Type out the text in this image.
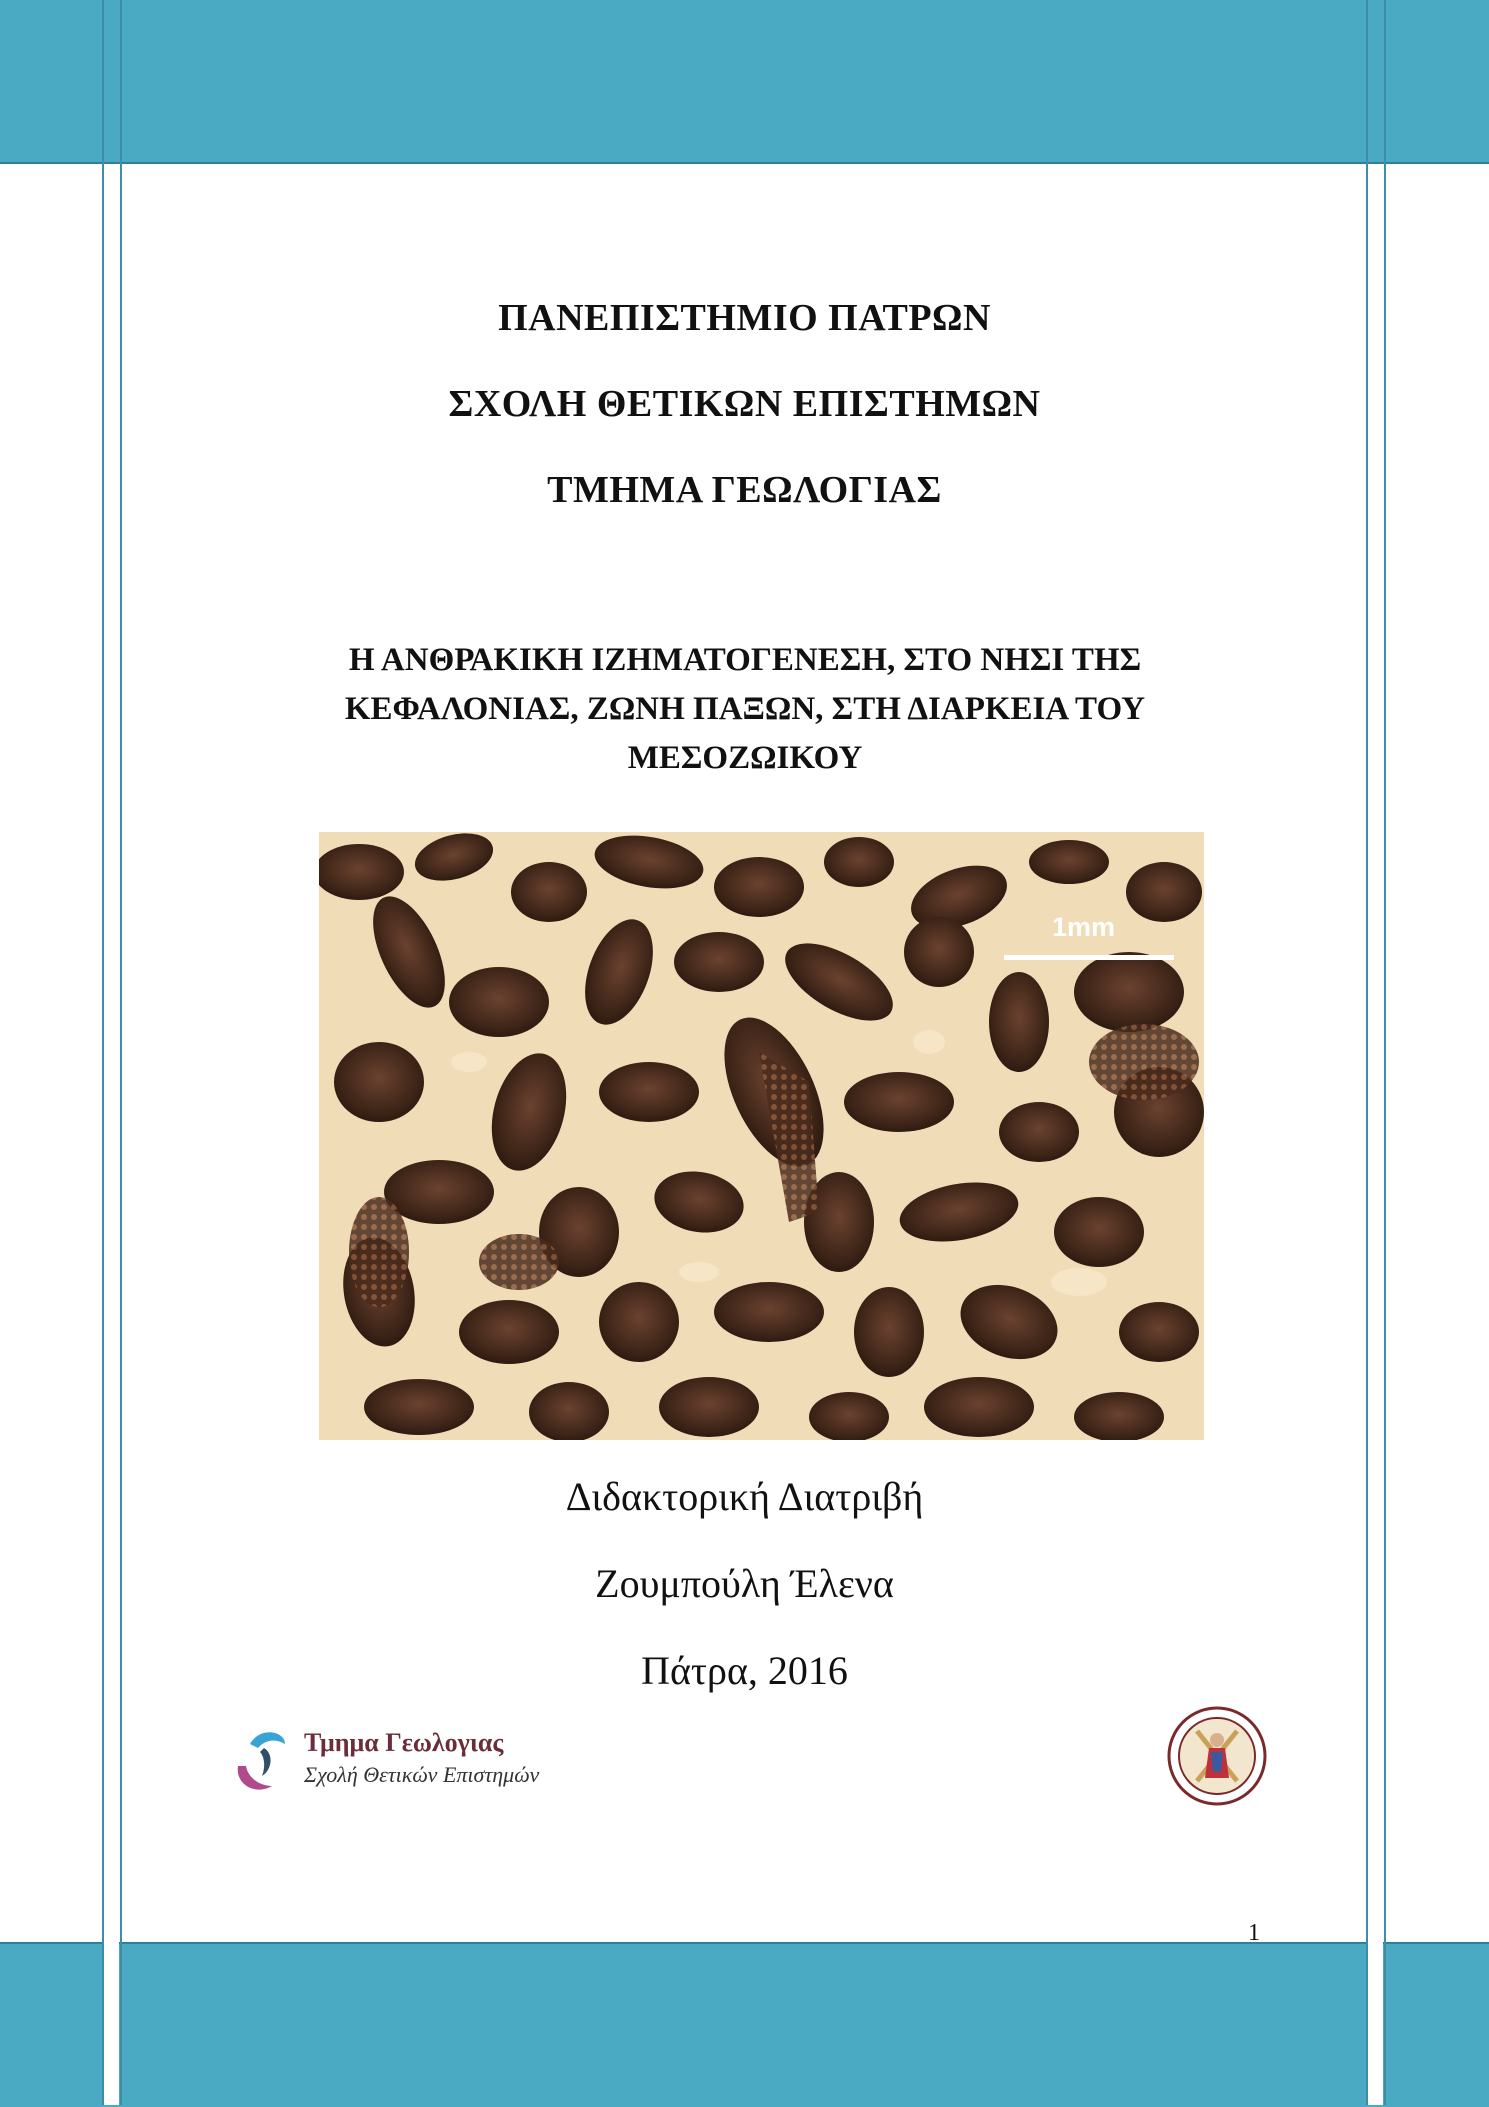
ΠΑΝΕΠΙΣΤΗΜΙΟ ΠΑΤΡΩΝ
ΣΧΟΛΗ ΘΕΤΙΚΩΝ ΕΠΙΣΤΗΜΩΝ
ΤΜΗΜΑ ΓΕΩΛΟΓΙΑΣ
Η ΑΝΘΡΑΚΙΚΗ ΙΖΗΜΑΤΟΓΕΝΕΣΗ, ΣΤΟ ΝΗΣΙ ΤΗΣ ΚΕΦΑΛΟΝΙΑΣ, ΖΩΝΗ ΠΑΞΩΝ, ΣΤΗ ΔΙΑΡΚΕΙΑ ΤΟΥ ΜΕΣΟΖΩΙΚΟΥ
1mm
Διδακτορική Διατριβή
Ζουμπούλη Έλενα
Πάτρα, 2016
Τμημα Γεωλογιας
Σχολή Θετικών Επιστημών
1
